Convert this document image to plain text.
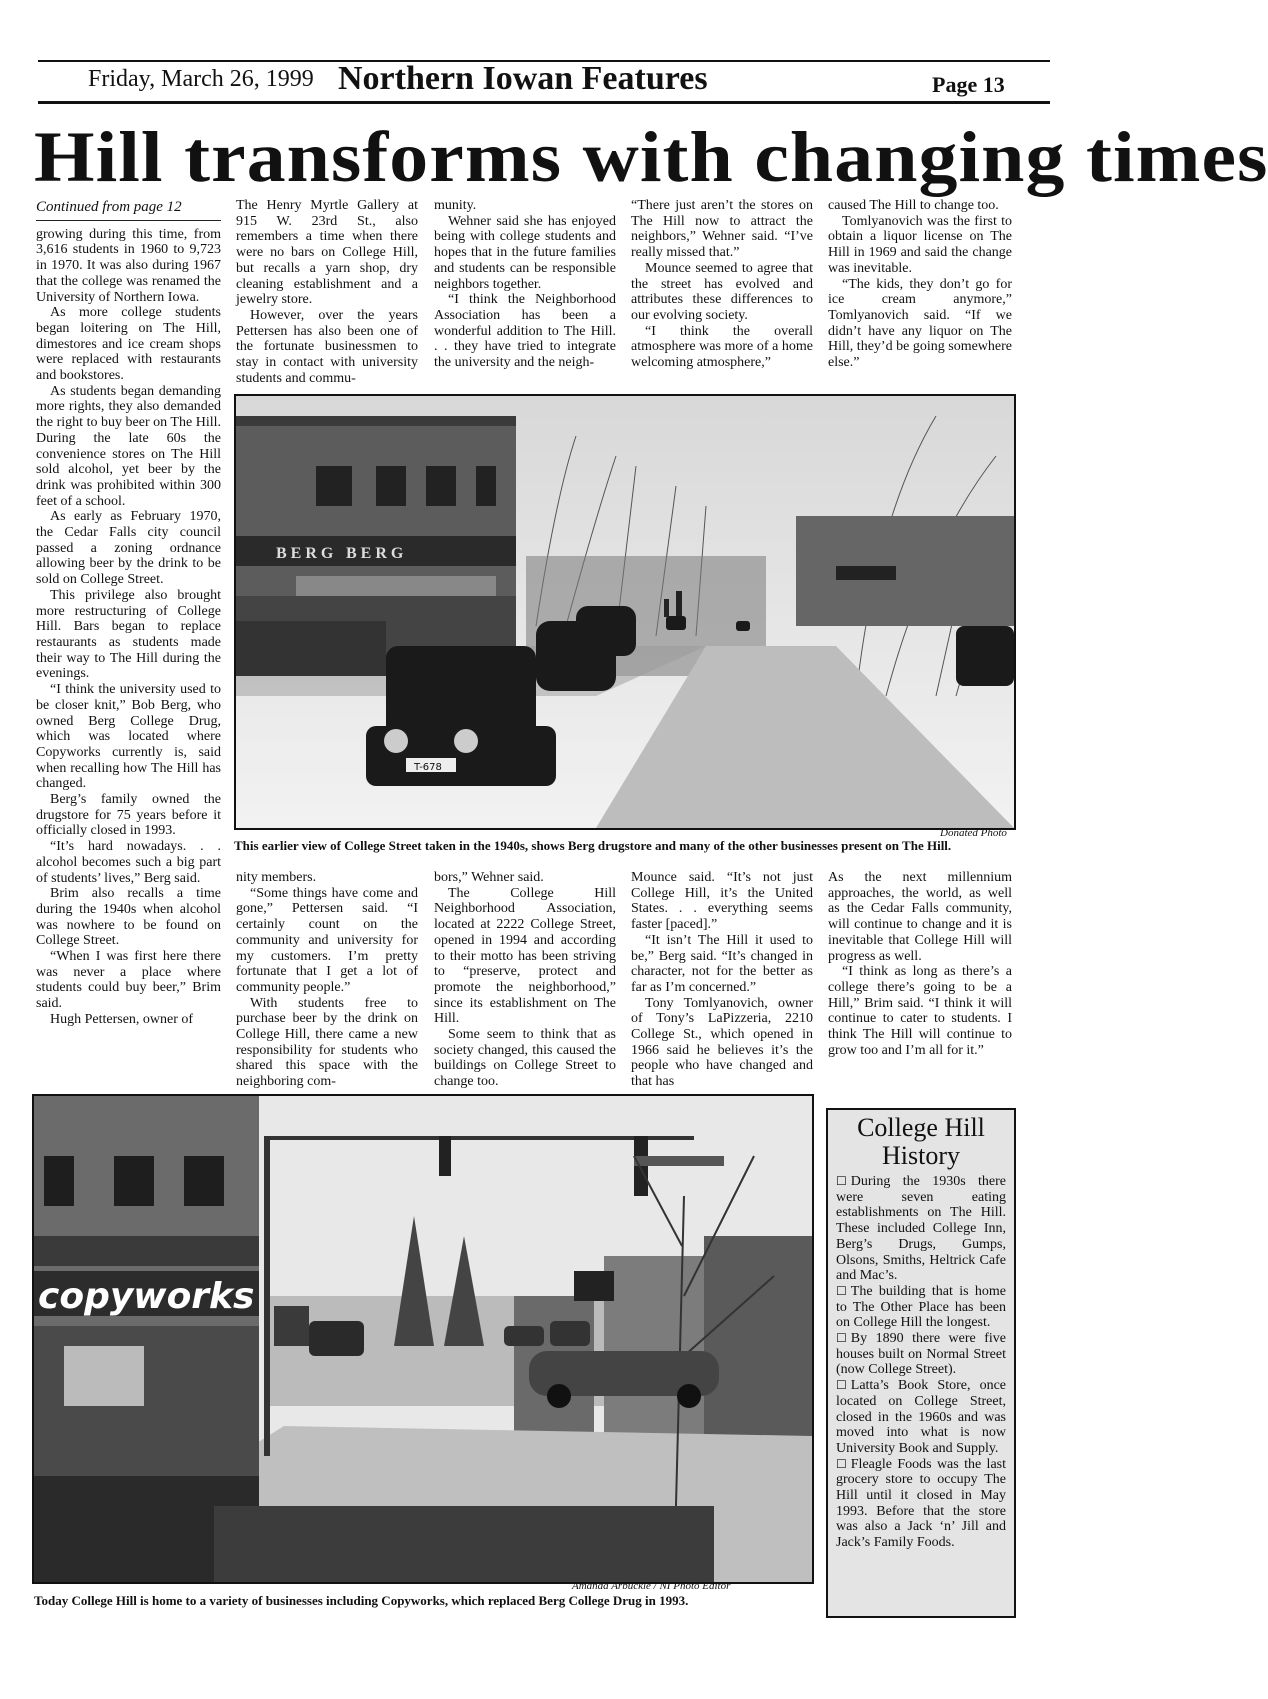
Friday, March 26, 1999 Northern Iowan Features	Page 13
Hill transforms with changing times
Continued from page 12

growing during this time, from 3,616 students in 1960 to 9,723 in 1970. It was also during 1967 that the college was renamed the University of Northern Iowa.

As more college students began loitering on The Hill, dimestores and ice cream shops were replaced with restaurants and bookstores.

As students began demanding more rights, they also demanded the right to buy beer on The Hill. During the late 60s the convenience stores on The Hill sold alcohol, yet beer by the drink was prohibited within 300 feet of a school.

As early as February 1970, the Cedar Falls city council passed a zoning ordnance allowing beer by the drink to be sold on College Street.

This privilege also brought more restructuring of College Hill. Bars began to replace restaurants as students made their way to The Hill during the evenings.

“I think the university used to be closer knit,” Bob Berg, who owned Berg College Drug, which was located where Copyworks currently is, said when recalling how The Hill has changed.

Berg’s family owned the drugstore for 75 years before it officially closed in 1993.

“It’s hard nowadays. . . alcohol becomes such a big part of students’ lives,” Berg said.

Brim also recalls a time during the 1940s when alcohol was nowhere to be found on College Street.

“When I was first here there was never a place where students could buy beer,” Brim said.

Hugh Pettersen, owner of

The Henry Myrtle Gallery at 915 W. 23rd St., also remembers a time when there were no bars on College Hill, but recalls a yarn shop, dry cleaning establishment and a jewelry store.

However, over the years Pettersen has also been one of the fortunate businessmen to stay in contact with university students and commu-

munity.

Wehner said she has enjoyed being with college students and hopes that in the future families and students can be responsible neighbors together.

“I think the Neighborhood Association has been a wonderful addition to The Hill. . . they have tried to integrate the university and the neigh-

“There just aren’t the stores on The Hill now to attract the neighbors,” Wehner said. “I’ve really missed that.”

Mounce seemed to agree that the street has evolved and attributes these differences to our evolving society.

“I think the overall atmosphere was more of a home welcoming atmosphere,”

caused The Hill to change too.

Tomlyanovich was the first to obtain a liquor license on The Hill in 1969 and said the change was inevitable.

“The kids, they don’t go for ice cream anymore,” Tomlyanovich said. “If we didn’t have any liquor on The Hill, they’d be going somewhere else.”

BERG BERG
T-678
Donated Photo
This earlier view of College Street taken in the 1940s, shows Berg drugstore and many of the other businesses present on The Hill.

nity members.

“Some things have come and gone,” Pettersen said. “I certainly count on the community and university for my customers. I’m pretty fortunate that I get a lot of community people.”

With students free to purchase beer by the drink on College Hill, there came a new responsibility for students who shared this space with the neighboring com-

bors,” Wehner said.

The College Hill Neighborhood Association, located at 2222 College Street, opened in 1994 and according to their motto has been striving to “preserve, protect and promote the neighborhood,” since its establishment on The Hill.

Some seem to think that as society changed, this caused the buildings on College Street to change too.

Mounce said. “It’s not just College Hill, it’s the United States. . . everything seems faster [paced].”

“It isn’t The Hill it used to be,” Berg said. “It’s changed in character, not for the better as far as I’m concerned.”

Tony Tomlyanovich, owner of Tony’s LaPizzeria, 2210 College St., which opened in 1966 said he believes it’s the people who have changed and that has

As the next millennium approaches, the world, as well as the Cedar Falls community, will continue to change and it is inevitable that College Hill will progress as well.

“I think as long as there’s a college there’s going to be a Hill,” Brim said. “I think it will continue to cater to students. I think The Hill will continue to grow too and I’m all for it.”

copyworks
Amanda Arbuckle / NI Photo Editor
Today College Hill is home to a variety of businesses including Copyworks, which replaced Berg College Drug in 1993.
College Hill History

☐ During the 1930s there were seven eating establishments on The Hill. These included College Inn, Berg’s Drugs, Gumps, Olsons, Smiths, Heltrick Cafe and Mac’s.

☐ The building that is home to The Other Place has been on College Hill the longest.

☐ By 1890 there were five houses built on Normal Street (now College Street).

☐ Latta’s Book Store, once located on College Street, closed in the 1960s and was moved into what is now University Book and Supply.

☐ Fleagle Foods was the last grocery store to occupy The Hill until it closed in May 1993. Before that the store was also a Jack ‘n’ Jill and Jack’s Family Foods.
